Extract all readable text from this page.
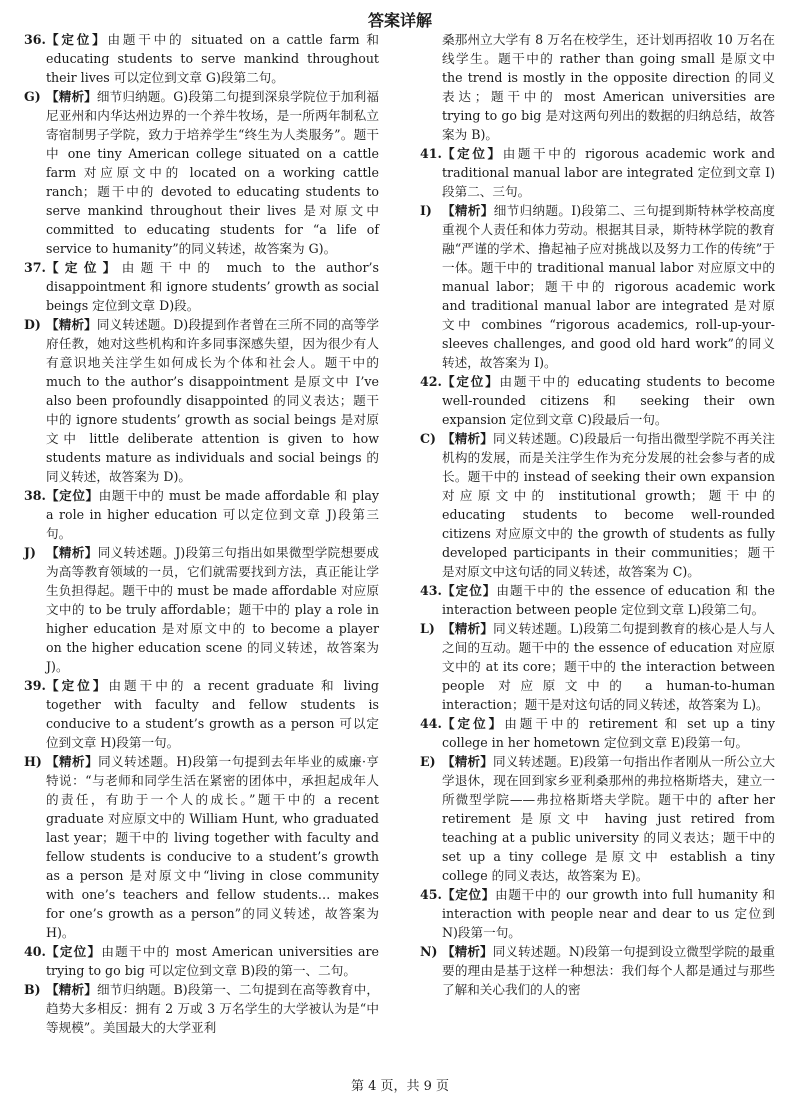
答案详解
36. 【定位】由题干中的 situated on a cattle farm 和 educating students to serve mankind throughout their lives 可以定位到文章 G)段第二句。
G) 【精析】细节归纳题。G)段第二句提到深泉学院位于加利福尼亚州和内华达州边界的一个养牛牧场，是一所两年制私立寄宿制男子学院，致力于培养学生“终生为人类服务”。题干中 one tiny American college situated on a cattle farm 对应原文中的 located on a working cattle ranch；题干中的 devoted to educating students to serve mankind throughout their lives 是对原文中 committed to educating students for “a life of service to humanity”的同义转述，故答案为 G)。
37. 【定位】由题干中的 much to the author’s disappointment 和 ignore students’ growth as social beings 定位到文章 D)段。
D) 【精析】同义转述题。D)段提到作者曾在三所不同的高等学府任教，她对这些机构和许多同事深感失望，因为很少有人有意识地关注学生如何成长为个体和社会人。题干中的 much to the author’s disappointment 是原文中 I’ve also been profoundly disappointed 的同义表达；题干中的 ignore students’ growth as social beings 是对原文中 little deliberate attention is given to how students mature as individuals and social beings 的同义转述，故答案为 D)。
38. 【定位】由题干中的 must be made affordable 和 play a role in higher education 可以定位到文章 J)段第三句。
J) 【精析】同义转述题。J)段第三句指出如果微型学院想要成为高等教育领域的一员，它们就需要找到方法，真正能让学生负担得起。题干中的 must be made affordable 对应原文中的 to be truly affordable；题干中的 play a role in higher education 是对原文中的 to become a player on the higher education scene 的同义转述，故答案为 J)。
39. 【定位】由题干中的 a recent graduate 和 living together with faculty and fellow students is conducive to a student’s growth as a person 可以定位到文章 H)段第一句。
H) 【精析】同义转述题。H)段第一句提到去年毕业的威廉·亨特说：“与老师和同学生活在紧密的团体中，承担起成年人的责任，有助于一个人的成长。”题干中的 a recent graduate 对应原文中的 William Hunt, who graduated last year；题干中的 living together with faculty and fellow students is conducive to a student’s growth as a person 是对原文中“living in close community with one’s teachers and fellow students… makes for one’s growth as a person”的同义转述，故答案为 H)。
40. 【定位】由题干中的 most American universities are trying to go big 可以定位到文章 B)段的第一、二句。
B) 【精析】细节归纳题。B)段第一、二句提到在高等教育中，趋势大多相反：拥有 2 万或 3 万名学生的大学被认为是“中等规模”。美国最大的大学亚利
桑那州立大学有 8 万名在校学生，还计划再招收 10 万名在线学生。题干中的 rather than going small 是原文中 the trend is mostly in the opposite direction 的同义表达；题干中的 most American universities are trying to go big 是对这两句列出的数据的归纳总结，故答案为 B)。
41. 【定位】由题干中的 rigorous academic work and traditional manual labor are integrated 定位到文章 I)段第二、三句。
I) 【精析】细节归纳题。I)段第二、三句提到斯特林学校高度重视个人责任和体力劳动。根据其目录，斯特林学院的教育融“严谨的学术、撸起袖子应对挑战以及努力工作的传统”于一体。题干中的 traditional manual labor 对应原文中的 manual labor；题干中的 rigorous academic work and traditional manual labor are integrated 是对原文中 combines “rigorous academics, roll-up-your-sleeves challenges, and good old hard work”的同义转述，故答案为 I)。
42. 【定位】由题干中的 educating students to become well-rounded citizens 和 seeking their own expansion 定位到文章 C)段最后一句。
C) 【精析】同义转述题。C)段最后一句指出微型学院不再关注机构的发展，而是关注学生作为充分发展的社会参与者的成长。题干中的 instead of seeking their own expansion 对应原文中的 institutional growth；题干中的 educating students to become well-rounded citizens 对应原文中的 the growth of students as fully developed participants in their communities；题干是对原文中这句话的同义转述，故答案为 C)。
43. 【定位】由题干中的 the essence of education 和 the interaction between people 定位到文章 L)段第二句。
L) 【精析】同义转述题。L)段第二句提到教育的核心是人与人之间的互动。题干中的 the essence of education 对应原文中的 at its core；题干中的 the interaction between people 对应原文中的 a human-to-human interaction；题干是对这句话的同义转述，故答案为 L)。
44. 【定位】由题干中的 retirement 和 set up a tiny college in her hometown 定位到文章 E)段第一句。
E) 【精析】同义转述题。E)段第一句指出作者刚从一所公立大学退休，现在回到家乡亚利桑那州的弗拉格斯塔夫，建立一所微型学院——弗拉格斯塔夫学院。题干中的 after her retirement 是原文中 having just retired from teaching at a public university 的同义表达；题干中的 set up a tiny college 是原文中 establish a tiny college 的同义表达，故答案为 E)。
45. 【定位】由题干中的 our growth into full humanity 和 interaction with people near and dear to us 定位到 N)段第一句。
N) 【精析】同义转述题。N)段第一句提到设立微型学院的最重要的理由是基于这样一种想法：我们每个人都是通过与那些了解和关心我们的人的密
第 4 页，共 9 页
